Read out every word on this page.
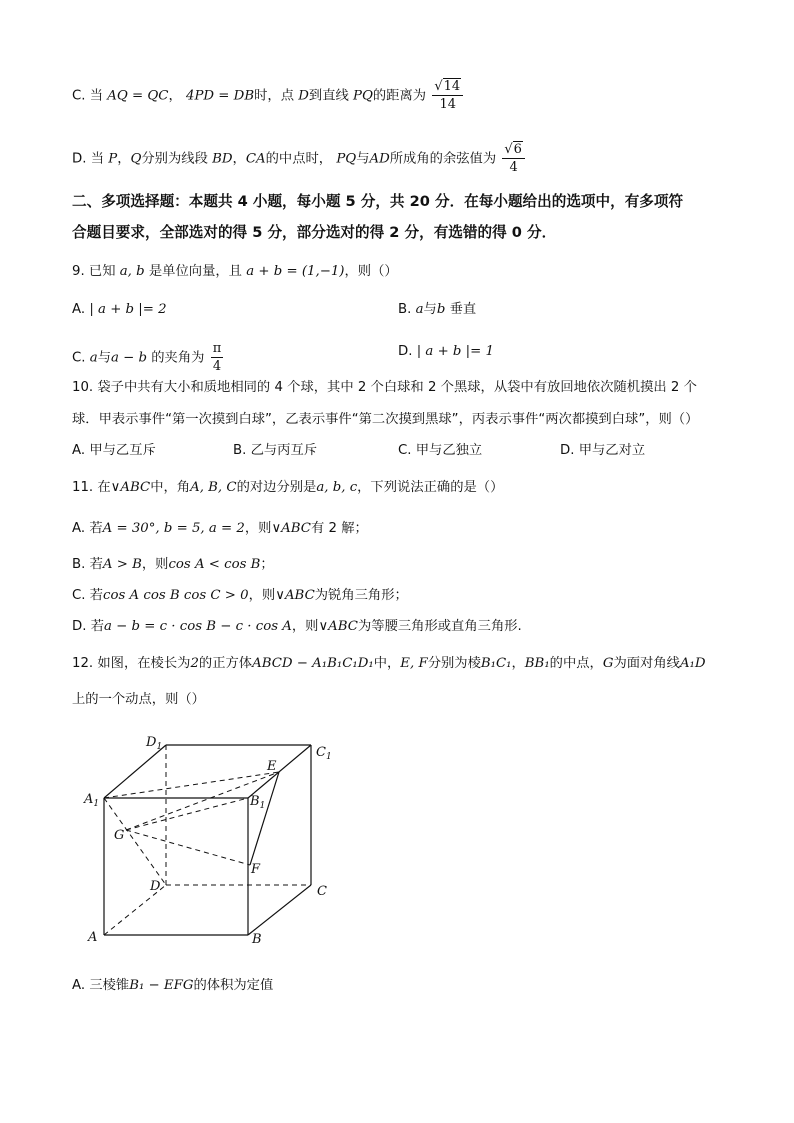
C. 当 AQ = QC， 4PD = DB时，点 D到直线 PQ的距离为 $\frac{√14}{14}$
D. 当 P，Q分别为线段 BD，CA的中点时， PQ与AD所成角的余弦值为 $\frac{√6}{4}$
二、多项选择题：本题共 4 小题，每小题 5 分，共 20 分．在每小题给出的选项中，有多项符
合题目要求，全部选对的得 5 分，部分选对的得 2 分，有选错的得 0 分．
9. 已知 a, b 是单位向量，且 a + b = (1,−1)，则（）
A. | a + b |= 2	B. a与b 垂直
C. a与a − b 的夹角为 $\frac{\pi}{4}$	D. | a + b |= 1
10. 袋子中共有大小和质地相同的 4 个球，其中 2 个白球和 2 个黑球，从袋中有放回地依次随机摸出 2 个
球．甲表示事件“第一次摸到白球”，乙表示事件“第二次摸到黑球”，丙表示事件“两次都摸到白球”，则（）
A. 甲与乙互斥	B. 乙与丙互斥	C. 甲与乙独立	D. 甲与乙对立
11. 在∨ABC中，角A, B, C的对边分别是a, b, c，下列说法正确的是（）
A. 若A = 30°, b = 5, a = 2，则∨ABC有 2 解；
B. 若A > B，则cos A < cos B；
C. 若cos A cos B cos C > 0，则∨ABC为锐角三角形；
D. 若a − b = c · cos B − c · cos A，则∨ABC为等腰三角形或直角三角形.
12. 如图，在棱长为2的正方体ABCD − A₁B₁C₁D₁中，E, F分别为棱B₁C₁，BB₁的中点，G为面对角线A₁D
上的一个动点，则（）
$D_1$	$C_1$
$A_1$	$B_1$
E
G
F
D	C
A	B
A. 三棱锥B₁ − EFG的体积为定值
